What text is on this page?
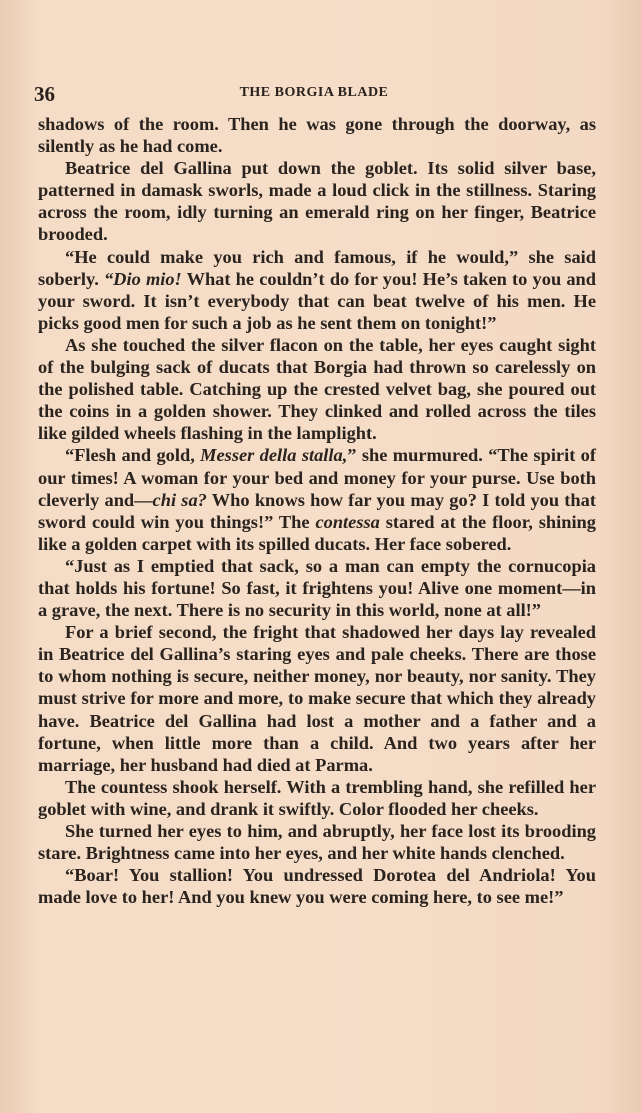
36	THE BORGIA BLADE

shadows of the room. Then he was gone through the doorway, as silently as he had come.

Beatrice del Gallina put down the goblet. Its solid silver base, patterned in damask sworls, made a loud click in the stillness. Staring across the room, idly turning an emerald ring on her finger, Beatrice brooded.

“He could make you rich and famous, if he would,” she said soberly. “Dio mio! What he couldn’t do for you! He’s taken to you and your sword. It isn’t everybody that can beat twelve of his men. He picks good men for such a job as he sent them on tonight!”

As she touched the silver flacon on the table, her eyes caught sight of the bulging sack of ducats that Borgia had thrown so carelessly on the polished table. Catching up the crested velvet bag, she poured out the coins in a golden shower. They clinked and rolled across the tiles like gilded wheels flashing in the lamplight.

“Flesh and gold, Messer della stalla,” she murmured. “The spirit of our times! A woman for your bed and money for your purse. Use both cleverly and—chi sa? Who knows how far you may go? I told you that sword could win you things!” The contessa stared at the floor, shining like a golden carpet with its spilled ducats. Her face sobered.

“Just as I emptied that sack, so a man can empty the cornucopia that holds his fortune! So fast, it frightens you! Alive one moment—in a grave, the next. There is no security in this world, none at all!”

For a brief second, the fright that shadowed her days lay revealed in Beatrice del Gallina’s staring eyes and pale cheeks. There are those to whom nothing is secure, neither money, nor beauty, nor sanity. They must strive for more and more, to make secure that which they already have. Beatrice del Gallina had lost a mother and a father and a fortune, when little more than a child. And two years after her marriage, her husband had died at Parma.

The countess shook herself. With a trembling hand, she refilled her goblet with wine, and drank it swiftly. Color flooded her cheeks.

She turned her eyes to him, and abruptly, her face lost its brooding stare. Brightness came into her eyes, and her white hands clenched.

“Boar! You stallion! You undressed Dorotea del Andriola! You made love to her! And you knew you were coming here, to see me!”
